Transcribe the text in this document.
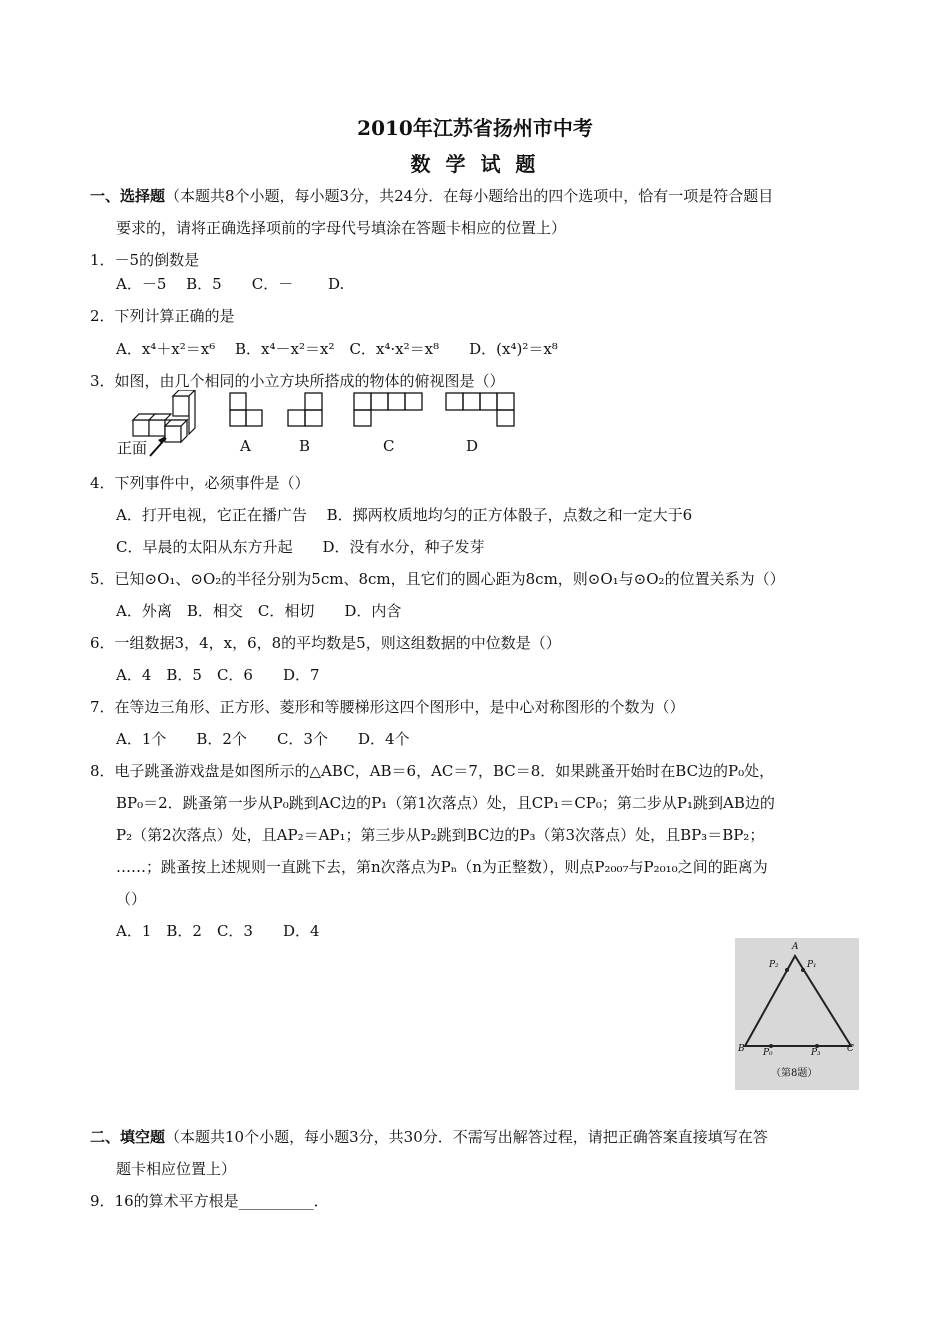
2010年江苏省扬州市中考
数 学 试 题
一、选择题（本题共8个小题，每小题3分，共24分．在每小题给出的四个选项中，恰有一项是符合题目
要求的，请将正确选择项前的字母代号填涂在答题卡相应的位置上）
1．－5的倒数是
A．－5　 B．5　　C．－　　 D.
2．下列计算正确的是
A．x⁴＋x²＝x⁶　 B．x⁴－x²＝x²　C．x⁴·x²＝x⁸　　D．(x⁴)²＝x⁸
3．如图，由几个相同的小立方块所搭成的物体的俯视图是（）
正面	A	B	C	D
4．下列事件中，必须事件是（）
A．打开电视，它正在播广告　 B．掷两枚质地均匀的正方体骰子，点数之和一定大于6
C．早晨的太阳从东方升起　　D．没有水分，种子发芽
5．已知⊙O₁、⊙O₂的半径分别为5cm、8cm，且它们的圆心距为8cm，则⊙O₁与⊙O₂的位置关系为（）
A．外离　B．相交　C．相切　　D．内含
6．一组数据3，4，x，6，8的平均数是5，则这组数据的中位数是（）
A．4　B．5　C．6　　D．7
7．在等边三角形、正方形、菱形和等腰梯形这四个图形中，是中心对称图形的个数为（）
A．1个　　B．2个　　C．3个　　D．4个
8．电子跳蚤游戏盘是如图所示的△ABC，AB＝6，AC＝7，BC＝8．如果跳蚤开始时在BC边的P₀处，
BP₀＝2．跳蚤第一步从P₀跳到AC边的P₁（第1次落点）处，且CP₁＝CP₀；第二步从P₁跳到AB边的
P₂（第2次落点）处，且AP₂＝AP₁；第三步从P₂跳到BC边的P₃（第3次落点）处，且BP₃＝BP₂；
……；跳蚤按上述规则一直跳下去，第n次落点为Pₙ（n为正整数），则点P₂₀₀₇与P₂₀₁₀之间的距离为
（）
A．1　B．2　C．3　　D．4
A
P₂	P₁
B P₀	P₃	C
（第8题）
二、填空题（本题共10个小题，每小题3分，共30分．不需写出解答过程，请把正确答案直接填写在答
题卡相应位置上）
9．16的算术平方根是__________．
